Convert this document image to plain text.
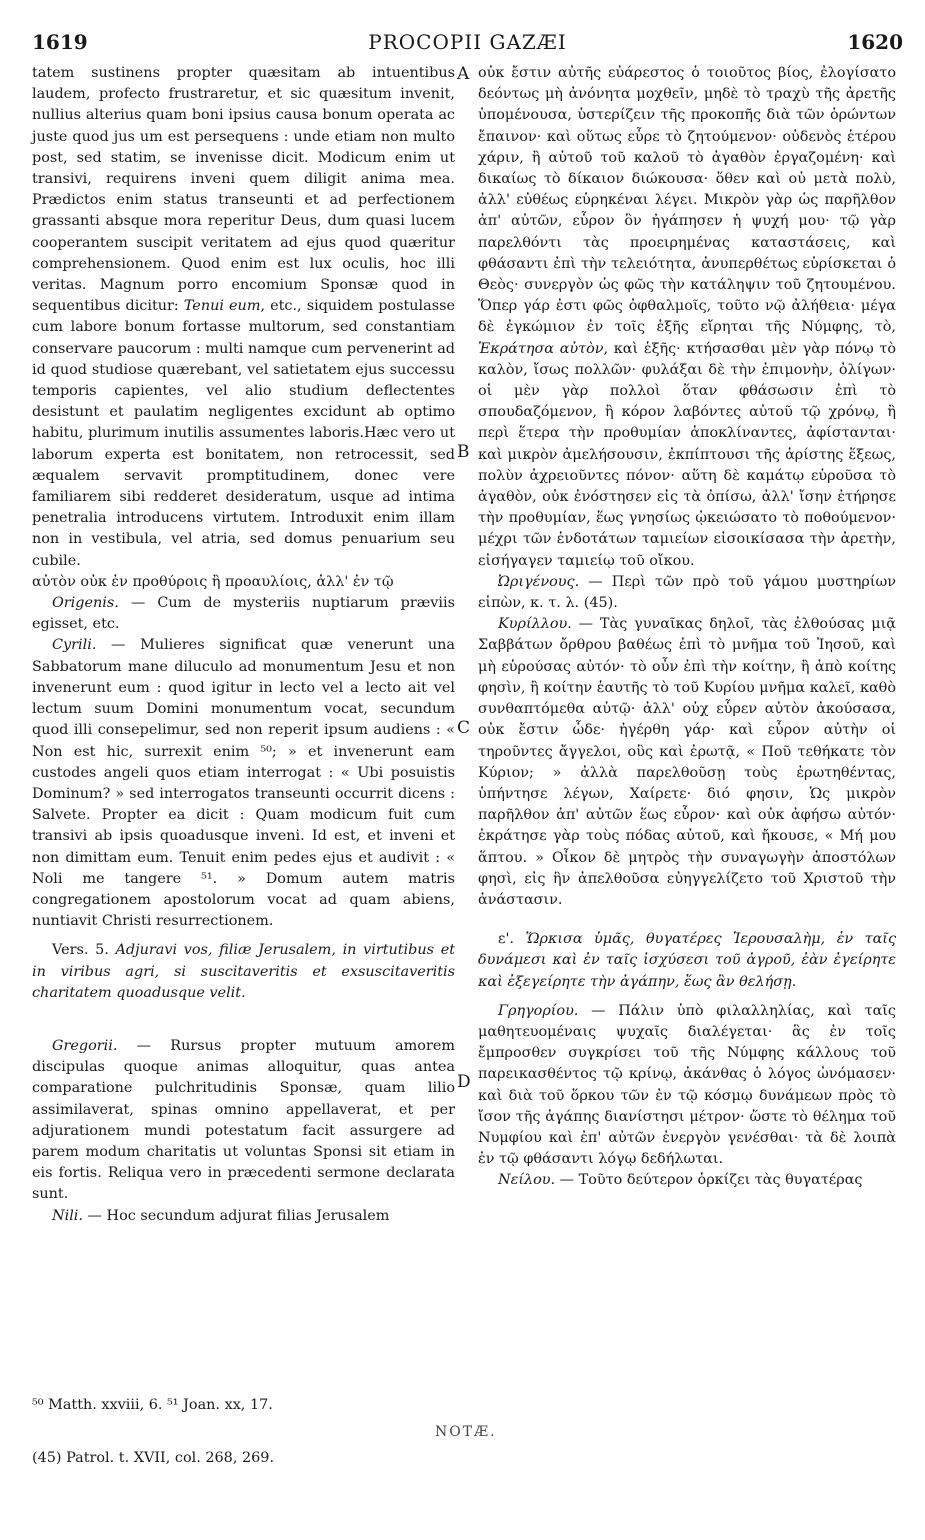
1619	PROCOPII GAZÆI	1620
A
B
C
D

tatem sustinens propter quæsitam ab intuentibus laudem, profecto frustraretur, et sic quæsitum invenit, nullius alterius quam boni ipsius causa bonum operata ac juste quod jus um est persequens : unde etiam non multo post, sed statim, se invenisse dicit. Modicum enim ut transivi, requirens inveni quem diligit anima mea. Prædictos enim status transeunti et ad perfectionem grassanti absque mora reperitur Deus, dum quasi lucem cooperantem suscipit veritatem ad ejus quod quæritur comprehensionem. Quod enim est lux oculis, hoc illi veritas. Magnum porro encomium Sponsæ quod in sequentibus dicitur: Tenui eum, etc., siquidem postulasse cum labore bonum fortasse multorum, sed constantiam conservare paucorum : multi namque cum pervenerint ad id quod studiose quærebant, vel satietatem ejus successu temporis capientes, vel alio studium deflectentes desistunt et paulatim negligentes excidunt ab optimo habitu, plurimum inutilis assumentes laboris.Hæc vero ut laborum experta est bonitatem, non retrocessit, sed æqualem servavit promptitudinem, donec vere familiarem sibi redderet desideratum, usque ad intima penetralia introducens virtutem. Introduxit enim illam non in vestibula, vel atria, sed domus penuarium seu cubile.

αὐτὸν οὐκ ἐν προθύροις ἢ προαυλίοις, ἀλλ' ἐν τῷ

Origenis. — Cum de mysteriis nuptiarum præviis egisset, etc.

Cyrili. — Mulieres significat quæ venerunt una Sabbatorum mane diluculo ad monumentum Jesu et non invenerunt eum : quod igitur in lecto vel a lecto ait vel lectum suum Domini monumentum vocat, secundum quod illi consepelimur, sed non reperit ipsum audiens : « Non est hic, surrexit enim ⁵⁰; » et invenerunt eam custodes angeli quos etiam interrogat : « Ubi posuistis Dominum? » sed interrogatos transeunti occurrit dicens : Salvete. Propter ea dicit : Quam modicum fuit cum transivi ab ipsis quoadusque inveni. Id est, et inveni et non dimittam eum. Tenuit enim pedes ejus et audivit : « Noli me tangere ⁵¹. » Domum autem matris congregationem apostolorum vocat ad quam abiens, nuntiavit Christi resurrectionem.

Vers. 5. Adjuravi vos, filiæ Jerusalem, in virtutibus et in viribus agri, si suscitaveritis et exsuscitaveritis charitatem quoadusque velit.

Gregorii. — Rursus propter mutuum amorem discipulas quoque animas alloquitur, quas antea comparatione pulchritudinis Sponsæ, quam lilio assimilaverat, spinas omnino appellaverat, et per adjurationem mundi potestatum facit assurgere ad parem modum charitatis ut voluntas Sponsi sit etiam in eis fortis. Reliqua vero in præcedenti sermone declarata sunt.

Nili. — Hoc secundum adjurat filias Jerusalem

οὐκ ἔστιν αὐτῆς εὐάρεστος ὁ τοιοῦτος βίος, ἐλογίσατο δεόντως μὴ ἀνόνητα μοχθεῖν, μηδὲ τὸ τραχὺ τῆς ἀρετῆς ὑπομένουσα, ὑστερίζειν τῆς προκοπῆς διὰ τῶν ὁρώντων ἔπαινον· καὶ οὕτως εὗρε τὸ ζητούμενον· οὐδενὸς ἑτέρου χάριν, ἢ αὐτοῦ τοῦ καλοῦ τὸ ἀγαθὸν ἐργαζομένη· καὶ δικαίως τὸ δίκαιον διώκουσα· ὅθεν καὶ οὐ μετὰ πολὺ, ἀλλ' εὐθέως εὑρηκέναι λέγει. Μικρὸν γὰρ ὡς παρῆλθον ἀπ' αὐτῶν, εὗρον ὃν ἠγάπησεν ἡ ψυχή μου· τῷ γὰρ παρελθόντι τὰς προειρημένας καταστάσεις, καὶ φθάσαντι ἐπὶ τὴν τελειότητα, ἀνυπερθέτως εὑρίσκεται ὁ Θεὸς· συνεργὸν ὡς φῶς τὴν κατάληψιν τοῦ ζητουμένου. Ὅπερ γάρ ἐστι φῶς ὀφθαλμοῖς, τοῦτο νῷ ἀλήθεια· μέγα δὲ ἐγκώμιον ἐν τοῖς ἑξῆς εἴρηται τῆς Νύμφης, τὸ, Ἐκράτησα αὐτὸν, καὶ ἑξῆς· κτήσασθαι μὲν γὰρ πόνῳ τὸ καλὸν, ἴσως πολλῶν· φυλάξαι δὲ τὴν ἐπιμονὴν, ὀλίγων· οἱ μὲν γὰρ πολλοὶ ὅταν φθάσωσιν ἐπὶ τὸ σπουδαζόμενον, ἢ κόρον λαβόντες αὐτοῦ τῷ χρόνῳ, ἢ περὶ ἕτερα τὴν προθυμίαν ἀποκλίναντες, ἀφίστανται· καὶ μικρὸν ἀμελήσουσιν, ἐκπίπτουσι τῆς ἀρίστης ἕξεως, πολὺν ἀχρειοῦντες πόνον· αὕτη δὲ καμάτῳ εὑροῦσα τὸ ἀγαθὸν, οὐκ ἐνόστησεν εἰς τὰ ὀπίσω, ἀλλ' ἴσην ἐτήρησε τὴν προθυμίαν, ἕως γνησίως ᾠκειώσατο τὸ ποθούμενον· μέχρι τῶν ἐνδοτάτων ταμιείων εἰσοικίσασα τὴν ἀρετὴν, εἰσήγαγεν ταμιείῳ τοῦ οἴκου.

Ὠριγένους. — Περὶ τῶν πρὸ τοῦ γάμου μυστηρίων εἰπὼν, κ. τ. λ. (45).

Κυρίλλου. — Τὰς γυναῖκας δηλοῖ, τὰς ἐλθούσας μιᾷ Σαββάτων ὄρθρου βαθέως ἐπὶ τὸ μνῆμα τοῦ Ἰησοῦ, καὶ μὴ εὑρούσας αὐτόν· τὸ οὖν ἐπὶ τὴν κοίτην, ἢ ἀπὸ κοίτης φησὶν, ἢ κοίτην ἑαυτῆς τὸ τοῦ Κυρίου μνῆμα καλεῖ, καθὸ συνθαπτόμεθα αὐτῷ· ἀλλ' οὐχ εὗρεν αὐτὸν ἀκούσασα, οὐκ ἔστιν ὧδε· ἠγέρθη γάρ· καὶ εὗρον αὐτὴν οἱ τηροῦντες ἄγγελοι, οὓς καὶ ἐρωτᾷ, « Ποῦ τεθήκατε τὸν Κύριον; » ἀλλὰ παρελθοῦσῃ τοὺς ἐρωτηθέντας, ὑπήντησε λέγων, Χαίρετε· διό φησιν, Ὡς μικρὸν παρῆλθον ἀπ' αὐτῶν ἕως εὗρον· καὶ οὐκ ἀφήσω αὐτόν· ἐκράτησε γὰρ τοὺς πόδας αὐτοῦ, καὶ ἤκουσε, « Μή μου ἅπτου. » Οἶκον δὲ μητρὸς τὴν συναγωγὴν ἀποστόλων φησὶ, εἰς ἣν ἀπελθοῦσα εὐηγγελίζετο τοῦ Χριστοῦ τὴν ἀνάστασιν.

ε'. Ὥρκισα ὑμᾶς, θυγατέρες Ἱερουσαλὴμ, ἐν ταῖς δυνάμεσι καὶ ἐν ταῖς ἰσχύσεσι τοῦ ἀγροῦ, ἐὰν ἐγείρητε καὶ ἐξεγείρητε τὴν ἀγάπην, ἕως ἂν θελήσῃ.

Γρηγορίου. — Πάλιν ὑπὸ φιλαλληλίας, καὶ ταῖς μαθητευομέναις ψυχαῖς διαλέγεται· ἃς ἐν τοῖς ἔμπροσθεν συγκρίσει τοῦ τῆς Νύμφης κάλλους τοῦ παρεικασθέντος τῷ κρίνῳ, ἀκάνθας ὁ λόγος ὠνόμασεν· καὶ διὰ τοῦ ὅρκου τῶν ἐν τῷ κόσμῳ δυνάμεων πρὸς τὸ ἴσον τῆς ἀγάπης διανίστησι μέτρον· ὥστε τὸ θέλημα τοῦ Νυμφίου καὶ ἐπ' αὐτῶν ἐνεργὸν γενέσθαι· τὰ δὲ λοιπὰ ἐν τῷ φθάσαντι λόγῳ δεδήλωται.

Νείλου. — Τοῦτο δεύτερον ὁρκίζει τὰς θυγατέρας

⁵⁰ Matth. xxviii, 6. ⁵¹ Joan. xx, 17.
NOTÆ.
(45) Patrol. t. XVII, col. 268, 269.
